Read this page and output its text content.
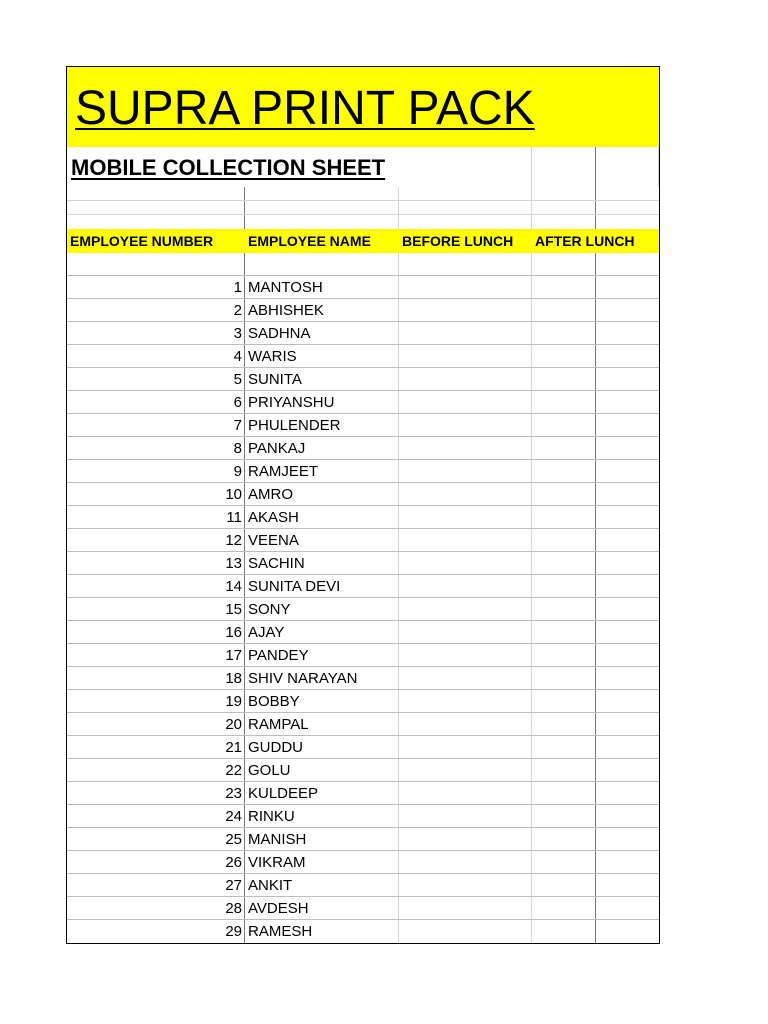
SUPRA PRINT PACK
MOBILE COLLECTION SHEET
EMPLOYEE NUMBER	EMPLOYEE NAME	BEFORE LUNCH	AFTER LUNCH
1 MANTOSH
2 ABHISHEK
3 SADHNA
4 WARIS
5 SUNITA
6 PRIYANSHU
7 PHULENDER
8 PANKAJ
9 RAMJEET
10 AMRO
11 AKASH
12 VEENA
13 SACHIN
14 SUNITA DEVI
15 SONY
16 AJAY
17 PANDEY
18 SHIV NARAYAN
19 BOBBY
20 RAMPAL
21 GUDDU
22 GOLU
23 KULDEEP
24 RINKU
25 MANISH
26 VIKRAM
27 ANKIT
28 AVDESH
29 RAMESH
